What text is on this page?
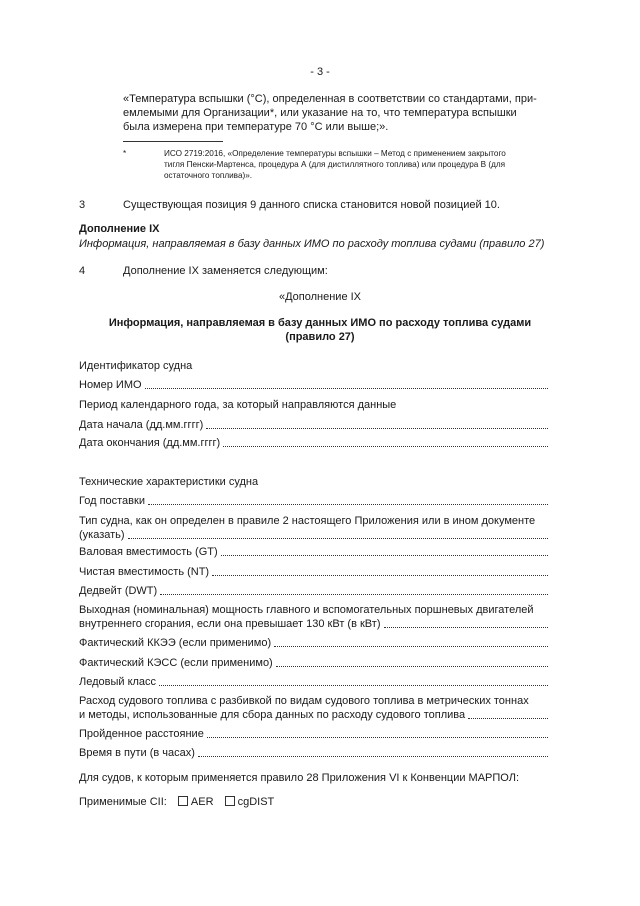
- 3 -
«Температура вспышки (°C), определенная в соответствии со стандартами, при-
емлемыми для Организации*, или указание на то, что температура вспышки
была измерена при температуре 70 °C или выше;».
*	ИСО 2719:2016, «Определение температуры вспышки – Метод с применением закрытого
тигля Пенски-Мартенса, процедура А (для дистиллятного топлива) или процедура В (для
остаточного топлива)».
3	Существующая позиция 9 данного списка становится новой позицией 10.
Дополнение IX
Информация, направляемая в базу данных ИМО по расходу топлива судами (правило 27)
4	Дополнение IX заменяется следующим:
«Дополнение IX
Информация, направляемая в базу данных ИМО по расходу топлива судами
(правило 27)
Идентификатор судна
Номер ИМО
Период календарного года, за который направляются данные
Дата начала (дд.мм.гггг)
Дата окончания (дд.мм.гггг)
Технические характеристики судна
Год поставки
Тип судна, как он определен в правиле 2 настоящего Приложения или в ином документе
(указать)
Валовая вместимость (GT)
Чистая вместимость (NT)
Дедвейт (DWT)
Выходная (номинальная) мощность главного и вспомогательных поршневых двигателей
внутреннего сгорания, если она превышает 130 кВт (в кВт)
Фактический ККЭЭ (если применимо)
Фактический КЭСС (если применимо)
Ледовый класс
Расход судового топлива с разбивкой по видам судового топлива в метрических тоннах
и методы, использованные для сбора данных по расходу судового топлива
Пройденное расстояние
Время в пути (в часах)
Для судов, к которым применяется правило 28 Приложения VI к Конвенции МАРПОЛ:
Применимые CII: AER cgDIST
